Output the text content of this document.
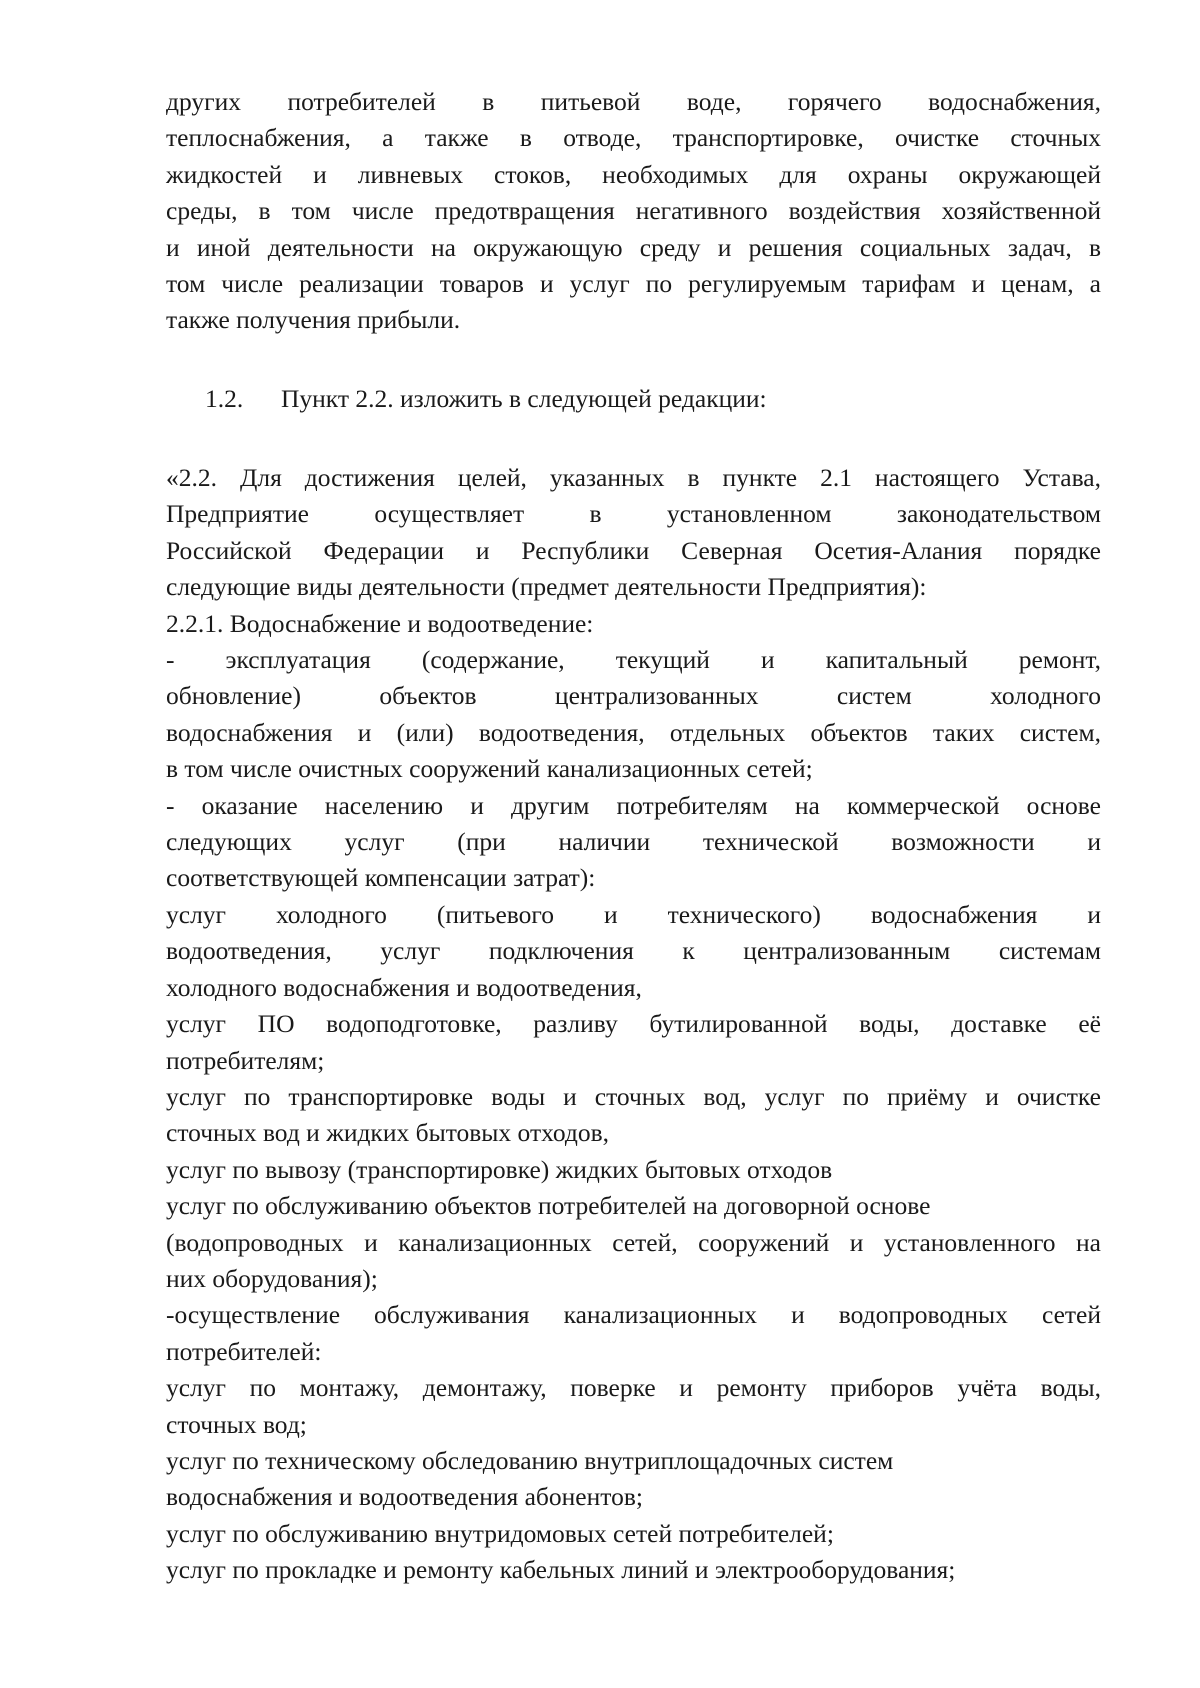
других потребителей в питьевой воде, горячего водоснабжения,
теплоснабжения, а также в отводе, транспортировке, очистке сточных
жидкостей и ливневых стоков, необходимых для охраны окружающей
среды, в том числе предотвращения негативного воздействия хозяйственной
и иной деятельности на окружающую среду и решения социальных задач, в
том числе реализации товаров и услуг по регулируемым тарифам и ценам, а
также получения прибыли.
1.2. Пункт 2.2. изложить в следующей редакции:
«2.2. Для достижения целей, указанных в пункте 2.1 настоящего Устава,
Предприятие осуществляет в установленном законодательством
Российской Федерации и Республики Северная Осетия-Алания порядке
следующие виды деятельности (предмет деятельности Предприятия):
2.2.1. Водоснабжение и водоотведение:
- эксплуатация (содержание, текущий и капитальный ремонт,
обновление) объектов централизованных систем холодного
водоснабжения и (или) водоотведения, отдельных объектов таких систем,
в том числе очистных сооружений канализационных сетей;
- оказание населению и другим потребителям на коммерческой основе
следующих услуг (при наличии технической возможности и
соответствующей компенсации затрат):
услуг холодного (питьевого и технического) водоснабжения и
водоотведения, услуг подключения к централизованным системам
холодного водоснабжения и водоотведения,
услуг ПО водоподготовке, разливу бутилированной воды, доставке её
потребителям;
услуг по транспортировке воды и сточных вод, услуг по приёму и очистке
сточных вод и жидких бытовых отходов,
услуг по вывозу (транспортировке) жидких бытовых отходов
услуг по обслуживанию объектов потребителей на договорной основе
(водопроводных и канализационных сетей, сооружений и установленного на
них оборудования);
-осуществление обслуживания канализационных и водопроводных сетей
потребителей:
услуг по монтажу, демонтажу, поверке и ремонту приборов учёта воды,
сточных вод;
услуг по техническому обследованию внутриплощадочных систем
водоснабжения и водоотведения абонентов;
услуг по обслуживанию внутридомовых сетей потребителей;
услуг по прокладке и ремонту кабельных линий и электрооборудования;
